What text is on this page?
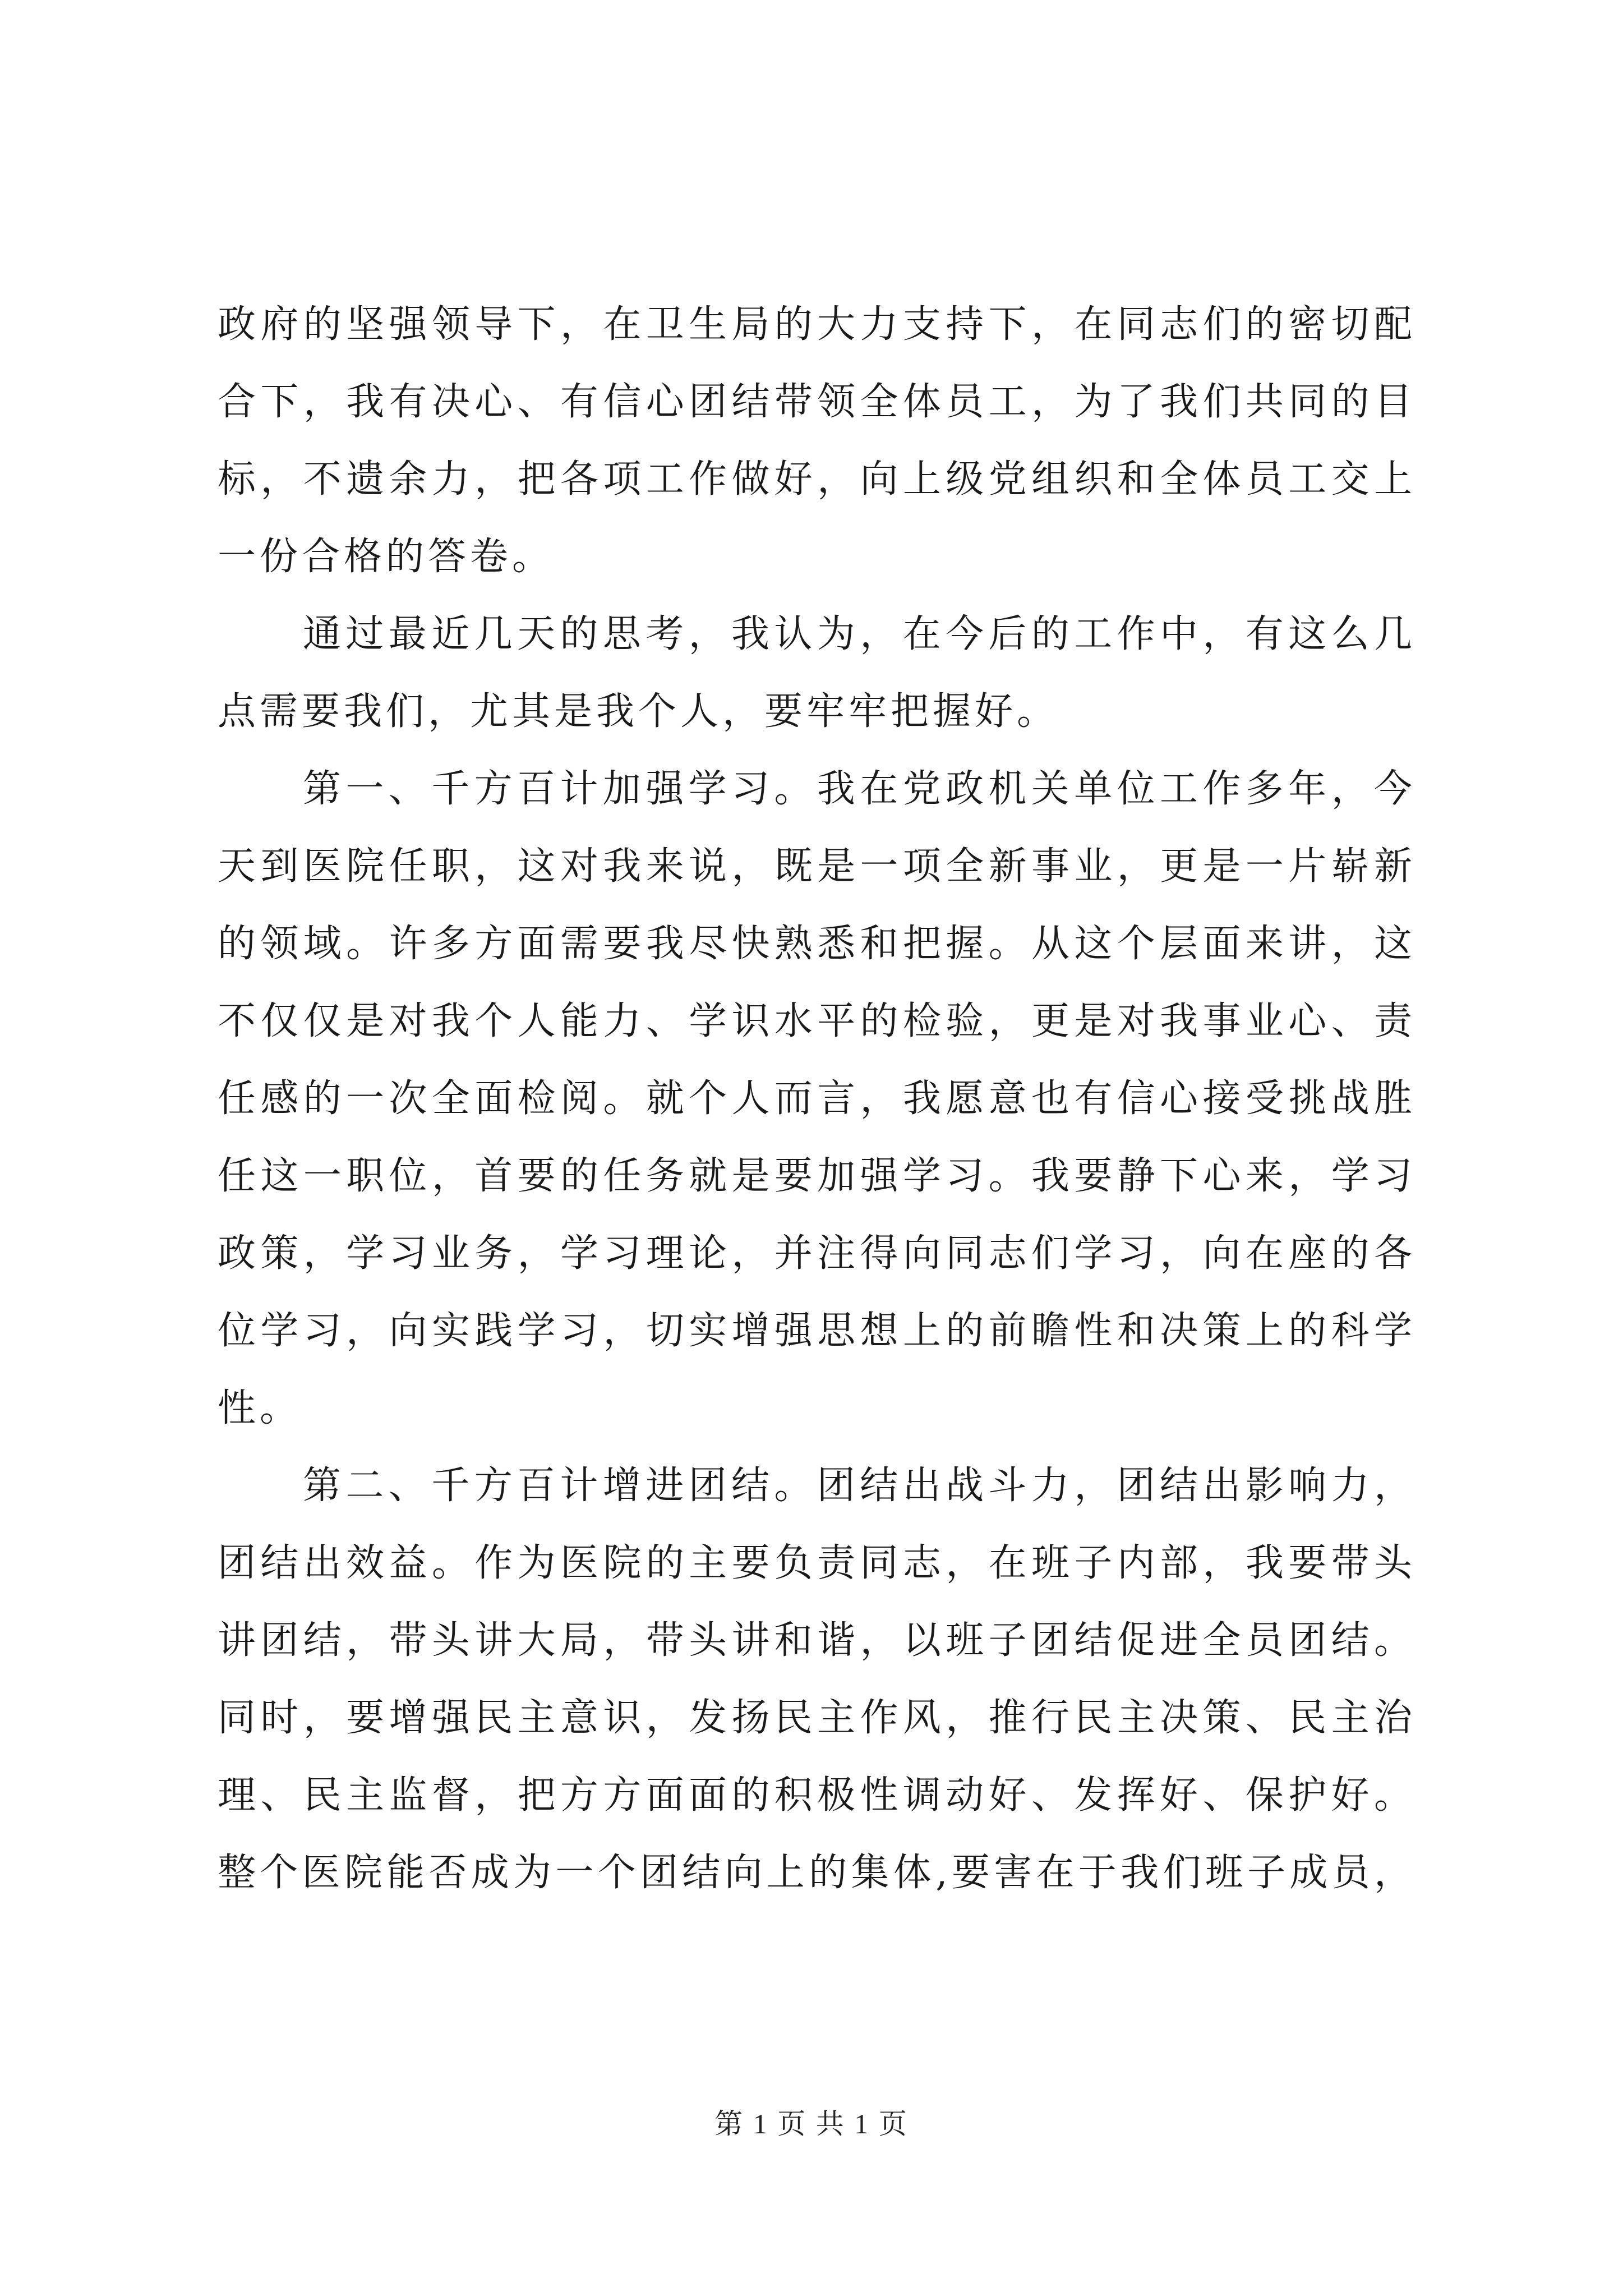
政府的坚强领导下，在卫生局的大力支持下，在同志们的密切配
合下，我有决心、有信心团结带领全体员工，为了我们共同的目
标，不遗余力，把各项工作做好，向上级党组织和全体员工交上
一份合格的答卷。
通过最近几天的思考，我认为，在今后的工作中，有这么几
点需要我们，尤其是我个人，要牢牢把握好。
第一、千方百计加强学习。我在党政机关单位工作多年，今
天到医院任职，这对我来说，既是一项全新事业，更是一片崭新
的领域。许多方面需要我尽快熟悉和把握。从这个层面来讲，这
不仅仅是对我个人能力、学识水平的检验，更是对我事业心、责
任感的一次全面检阅。就个人而言，我愿意也有信心接受挑战胜
任这一职位，首要的任务就是要加强学习。我要静下心来，学习
政策，学习业务，学习理论，并注得向同志们学习，向在座的各
位学习，向实践学习，切实增强思想上的前瞻性和决策上的科学
性。
第二、千方百计增进团结。团结出战斗力，团结出影响力，
团结出效益。作为医院的主要负责同志，在班子内部，我要带头
讲团结，带头讲大局，带头讲和谐，以班子团结促进全员团结。
同时，要增强民主意识，发扬民主作风，推行民主决策、民主治
理、民主监督，把方方面面的积极性调动好、发挥好、保护好。
整个医院能否成为一个团结向上的集体,要害在于我们班子成员，
第 1 页 共 1 页
